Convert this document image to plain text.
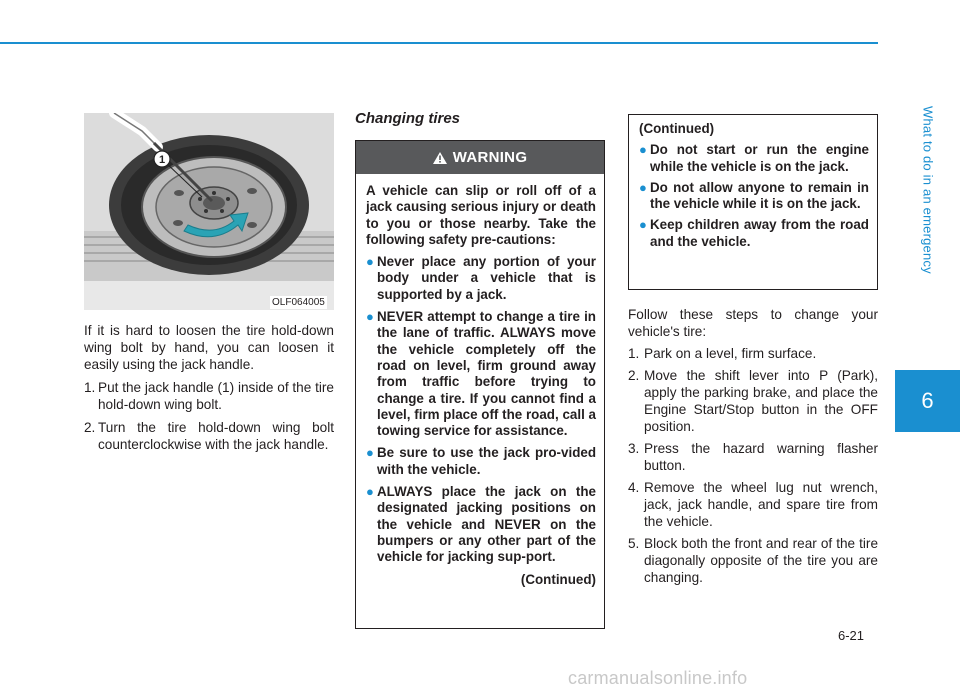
What to do in an emergency
6
1
OLF064005

If it is hard to loosen the tire hold-down wing bolt by hand, you can loosen it easily using the jack handle.

1. Put the jack handle (1) inside of the tire hold-down wing bolt.
2. Turn the tire hold-down wing bolt counterclockwise with the jack handle.
Changing tires
WARNING

A vehicle can slip or roll off of a jack causing serious injury or death to you or those nearby. Take the following safety pre-cautions:

● Never place any portion of your body under a vehicle that is supported by a jack.
● NEVER attempt to change a tire in the lane of traffic. ALWAYS move the vehicle completely off the road on level, firm ground away from traffic before trying to change a tire. If you cannot find a level, firm place off the road, call a towing service for assistance.
● Be sure to use the jack pro-vided with the vehicle.
● ALWAYS place the jack on the designated jacking positions on the vehicle and NEVER on the bumpers or any other part of the vehicle for jacking sup-port.
(Continued)
(Continued)
● Do not start or run the engine while the vehicle is on the jack.
● Do not allow anyone to remain in the vehicle while it is on the jack.
● Keep children away from the road and the vehicle.

Follow these steps to change your vehicle's tire:

1. Park on a level, firm surface.
2. Move the shift lever into P (Park), apply the parking brake, and place the Engine Start/Stop button in the OFF position.
3. Press the hazard warning flasher button.
4. Remove the wheel lug nut wrench, jack, jack handle, and spare tire from the vehicle.
5. Block both the front and rear of the tire diagonally opposite of the tire you are changing.
6-21
carmanualsonline.info
